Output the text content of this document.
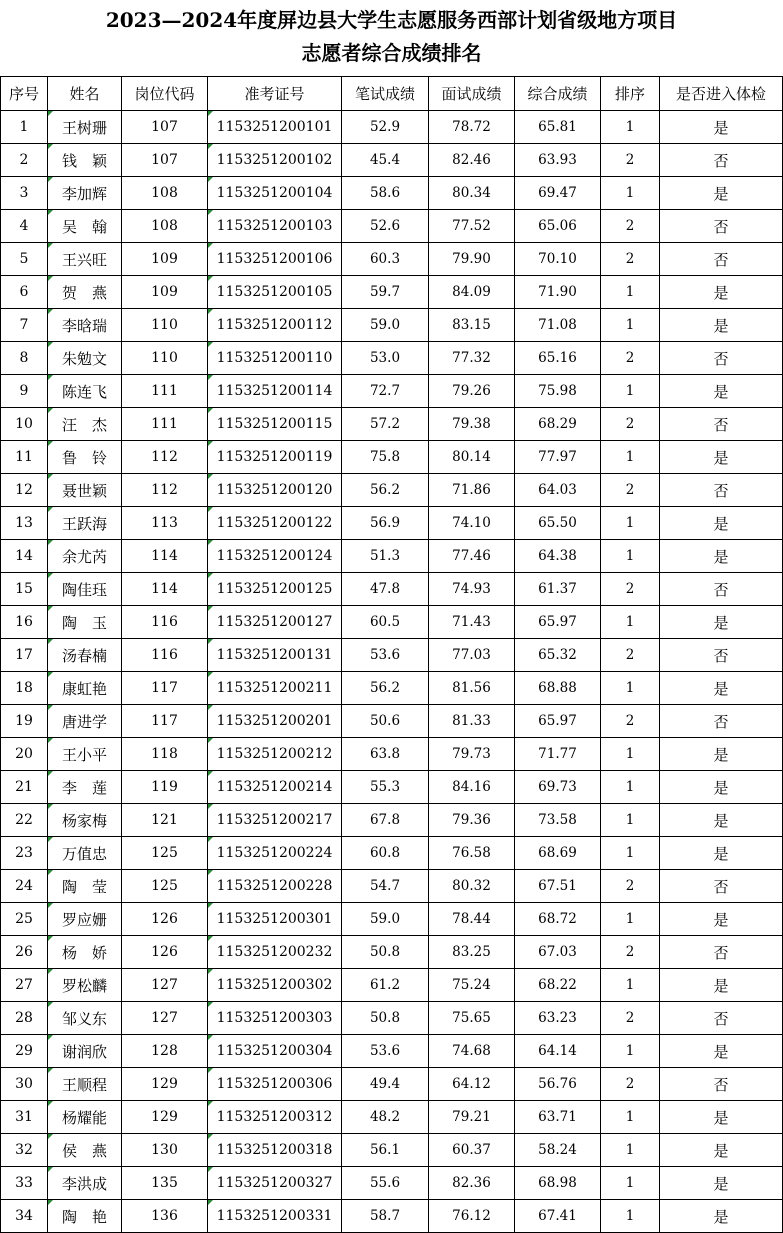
2023—2024年度屏边县大学生志愿服务西部计划省级地方项目
志愿者综合成绩排名
序号	姓名	岗位代码	准考证号	笔试成绩	面试成绩	综合成绩	排序	是否进入体检
1	王树珊	107	1153251200101	52.9	78.72	65.81	1	是
2	钱　颖	107	1153251200102	45.4	82.46	63.93	2	否
3	李加辉	108	1153251200104	58.6	80.34	69.47	1	是
4	吴　翰	108	1153251200103	52.6	77.52	65.06	2	否
5	王兴旺	109	1153251200106	60.3	79.90	70.10	2	否
6	贺　燕	109	1153251200105	59.7	84.09	71.90	1	是
7	李晗瑞	110	1153251200112	59.0	83.15	71.08	1	是
8	朱勉文	110	1153251200110	53.0	77.32	65.16	2	否
9	陈连飞	111	1153251200114	72.7	79.26	75.98	1	是
10	汪　杰	111	1153251200115	57.2	79.38	68.29	2	否
11	鲁　铃	112	1153251200119	75.8	80.14	77.97	1	是
12	聂世颖	112	1153251200120	56.2	71.86	64.03	2	否
13	王跃海	113	1153251200122	56.9	74.10	65.50	1	是
14	余尤芮	114	1153251200124	51.3	77.46	64.38	1	是
15	陶佳珏	114	1153251200125	47.8	74.93	61.37	2	否
16	陶　玉	116	1153251200127	60.5	71.43	65.97	1	是
17	汤春楠	116	1153251200131	53.6	77.03	65.32	2	否
18	康虹艳	117	1153251200211	56.2	81.56	68.88	1	是
19	唐进学	117	1153251200201	50.6	81.33	65.97	2	否
20	王小平	118	1153251200212	63.8	79.73	71.77	1	是
21	李　莲	119	1153251200214	55.3	84.16	69.73	1	是
22	杨家梅	121	1153251200217	67.8	79.36	73.58	1	是
23	万值忠	125	1153251200224	60.8	76.58	68.69	1	是
24	陶　莹	125	1153251200228	54.7	80.32	67.51	2	否
25	罗应姗	126	1153251200301	59.0	78.44	68.72	1	是
26	杨　娇	126	1153251200232	50.8	83.25	67.03	2	否
27	罗松麟	127	1153251200302	61.2	75.24	68.22	1	是
28	邹义东	127	1153251200303	50.8	75.65	63.23	2	否
29	谢润欣	128	1153251200304	53.6	74.68	64.14	1	是
30	王顺程	129	1153251200306	49.4	64.12	56.76	2	否
31	杨耀能	129	1153251200312	48.2	79.21	63.71	1	是
32	侯　燕	130	1153251200318	56.1	60.37	58.24	1	是
33	李洪成	135	1153251200327	55.6	82.36	68.98	1	是
34	陶　艳	136	1153251200331	58.7	76.12	67.41	1	是
